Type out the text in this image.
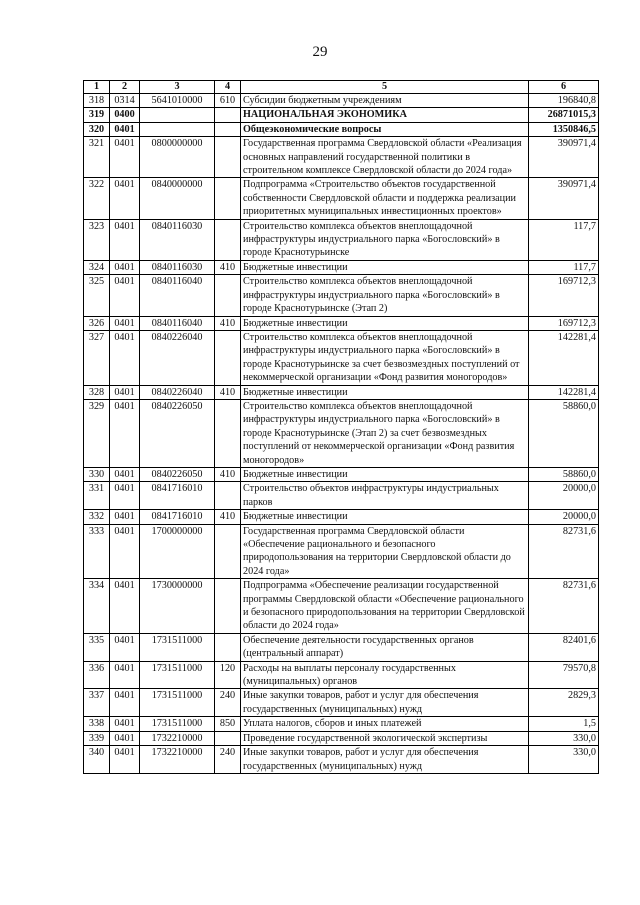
29
1	2	3	4	5	6
318	0314	5641010000	610	Субсидии бюджетным учреждениям	196840,8
319	0400			НАЦИОНАЛЬНАЯ ЭКОНОМИКА	26871015,3
320	0401			Общеэкономические вопросы	1350846,5
321	0401	0800000000		Государственная программа Свердловской области «Реализация основных направлений государственной политики в строительном комплексе Свердловской области до 2024 года»	390971,4
322	0401	0840000000		Подпрограмма «Строительство объектов государственной собственности Свердловской области и поддержка реализации приоритетных муниципальных инвестиционных проектов»	390971,4
323	0401	0840116030		Строительство комплекса объектов внеплощадочной инфраструктуры индустриального парка «Богословский» в городе Краснотурьинске	117,7
324	0401	0840116030	410	Бюджетные инвестиции	117,7
325	0401	0840116040		Строительство комплекса объектов внеплощадочной инфраструктуры индустриального парка «Богословский» в городе Краснотурьинске (Этап 2)	169712,3
326	0401	0840116040	410	Бюджетные инвестиции	169712,3
327	0401	0840226040		Строительство комплекса объектов внеплощадочной инфраструктуры индустриального парка «Богословский» в городе Краснотурьинске за счет безвозмездных поступлений от некоммерческой организации «Фонд развития моногородов»	142281,4
328	0401	0840226040	410	Бюджетные инвестиции	142281,4
329	0401	0840226050		Строительство комплекса объектов внеплощадочной инфраструктуры индустриального парка «Богословский» в городе Краснотурьинске (Этап 2) за счет безвозмездных поступлений от некоммерческой организации «Фонд развития моногородов»	58860,0
330	0401	0840226050	410	Бюджетные инвестиции	58860,0
331	0401	0841716010		Строительство объектов инфраструктуры индустриальных парков	20000,0
332	0401	0841716010	410	Бюджетные инвестиции	20000,0
333	0401	1700000000		Государственная программа Свердловской области «Обеспечение рационального и безопасного природопользования на территории Свердловской области до 2024 года»	82731,6
334	0401	1730000000		Подпрограмма «Обеспечение реализации государственной программы Свердловской области «Обеспечение рационального и безопасного природопользования на территории Свердловской области до 2024 года»	82731,6
335	0401	1731511000		Обеспечение деятельности государственных органов (центральный аппарат)	82401,6
336	0401	1731511000	120	Расходы на выплаты персоналу государственных (муниципальных) органов	79570,8
337	0401	1731511000	240	Иные закупки товаров, работ и услуг для обеспечения государственных (муниципальных) нужд	2829,3
338	0401	1731511000	850	Уплата налогов, сборов и иных платежей	1,5
339	0401	1732210000		Проведение государственной экологической экспертизы	330,0
340	0401	1732210000	240	Иные закупки товаров, работ и услуг для обеспечения государственных (муниципальных) нужд	330,0
